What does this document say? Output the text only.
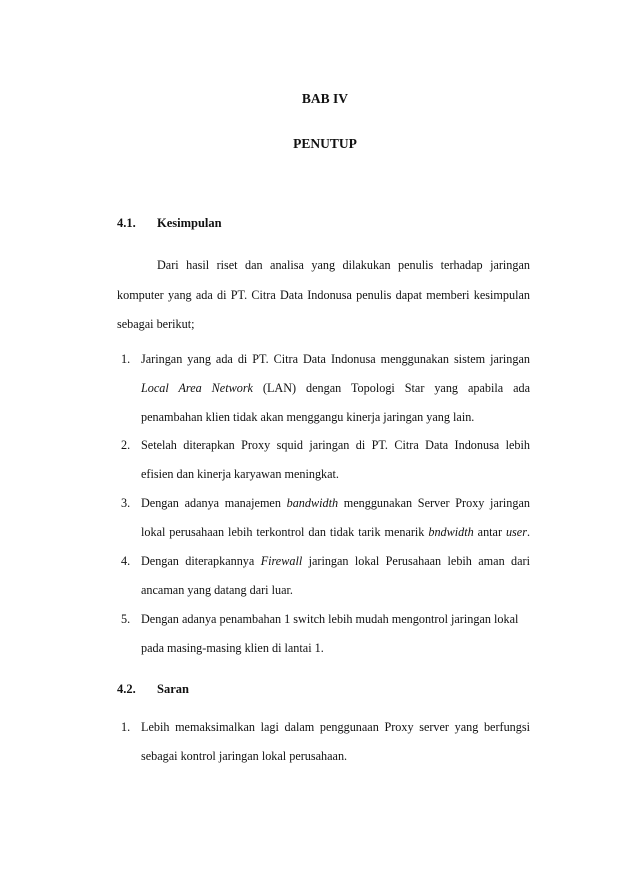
BAB IV
PENUTUP
4.1. Kesimpulan
Dari hasil riset dan analisa yang dilakukan penulis terhadap jaringan
komputer yang ada di PT. Citra Data Indonusa penulis dapat memberi kesimpulan
sebagai berikut;
1. Jaringan yang ada di PT. Citra Data Indonusa menggunakan sistem jaringan
Local Area Network (LAN) dengan Topologi Star yang apabila ada
penambahan klien tidak akan menggangu kinerja jaringan yang lain.
2. Setelah diterapkan Proxy squid jaringan di PT. Citra Data Indonusa lebih
efisien dan kinerja karyawan meningkat.
3. Dengan adanya manajemen bandwidth menggunakan Server Proxy jaringan
lokal perusahaan lebih terkontrol dan tidak tarik menarik bndwidth antar user.
4. Dengan diterapkannya Firewall jaringan lokal Perusahaan lebih aman dari
ancaman yang datang dari luar.
5. Dengan adanya penambahan 1 switch lebih mudah mengontrol jaringan lokal
pada masing-masing klien di lantai 1.
4.2. Saran
1. Lebih memaksimalkan lagi dalam penggunaan Proxy server yang berfungsi
sebagai kontrol jaringan lokal perusahaan.
